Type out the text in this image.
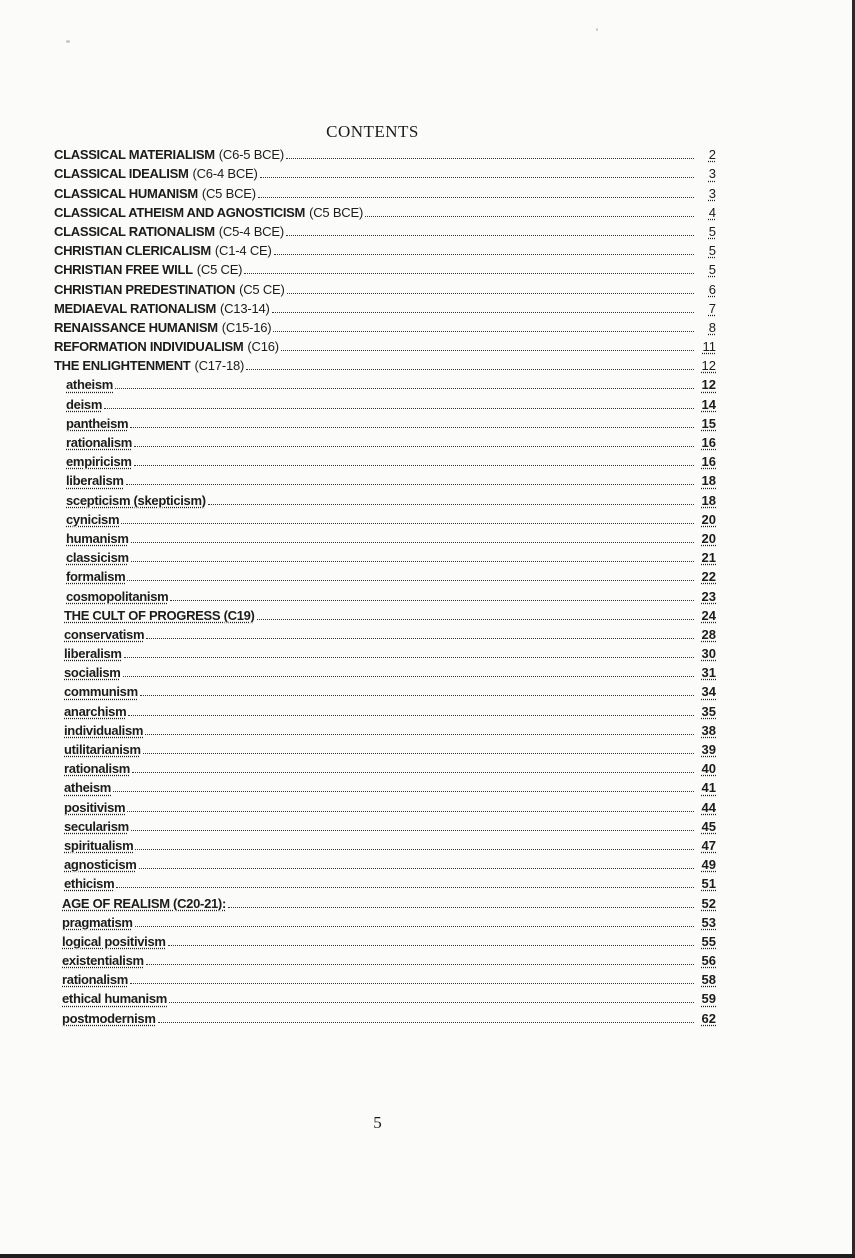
CONTENTS
CLASSICAL MATERIALISM (C6-5 BCE)	2
CLASSICAL IDEALISM (C6-4 BCE)	3
CLASSICAL HUMANISM (C5 BCE)	3
CLASSICAL ATHEISM AND AGNOSTICISM (C5 BCE)	4
CLASSICAL RATIONALISM (C5-4 BCE)	5
CHRISTIAN CLERICALISM (C1-4 CE)	5
CHRISTIAN FREE WILL (C5 CE)	5
CHRISTIAN PREDESTINATION (C5 CE)	6
MEDIAEVAL RATIONALISM (C13-14)	7
RENAISSANCE HUMANISM (C15-16)	8
REFORMATION INDIVIDUALISM (C16)	11
THE ENLIGHTENMENT (C17-18)	12
atheism	12
deism	14
pantheism	15
rationalism	16
empiricism	16
liberalism	18
scepticism (skepticism)	18
cynicism	20
humanism	20
classicism	21
formalism	22
cosmopolitanism	23
THE CULT OF PROGRESS (C19)	24
conservatism	28
liberalism	30
socialism	31
communism	34
anarchism	35
individualism	38
utilitarianism	39
rationalism	40
atheism	41
positivism	44
secularism	45
spiritualism	47
agnosticism	49
ethicism	51
AGE OF REALISM (C20-21):	52
pragmatism	53
logical positivism	55
existentialism	56
rationalism	58
ethical humanism	59
postmodernism	62
5
